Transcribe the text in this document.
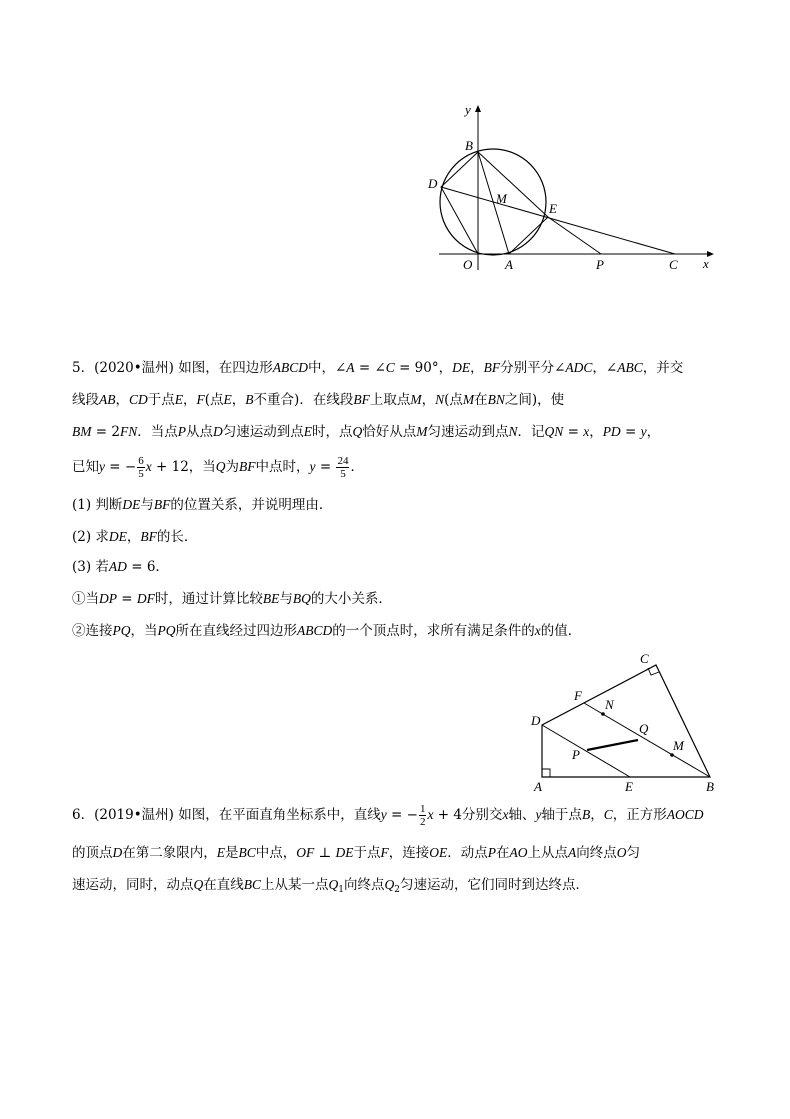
y
x
B
D
M
E
O	A	P	C
5．(2020•温州) 如图，在四边形ABCD中，∠A = ∠C = 90°，DE，BF分别平分∠ADC，∠ABC，并交
线段AB，CD于点E，F(点E，B不重合)．在线段BF上取点M，N(点M在BN之间)，使
BM = 2FN．当点P从点D匀速运动到点E时，点Q恰好从点M匀速运动到点N．记QN = x，PD = y，
已知y = − $\frac{6}{5}$ x + 12，当Q为BF中点时，$y = \frac{24}{5}$ ．
(1) 判断DE与BF的位置关系，并说明理由．
(2) 求DE，BF的长．
(3) 若AD = 6．
①当DP = DF时，通过计算比较BE与BQ的大小关系．
②连接PQ，当PQ所在直线经过四边形ABCD的一个顶点时，求所有满足条件的x的值．
C
F
N
D
Q
M
P
A	E	B
6．(2019•温州) 如图，在平面直角坐标系中，直线y = − $\frac{1}{2}$ x + 4分别交x轴、y轴于点B，C，正方形AOCD
的顶点D在第二象限内，E是BC中点，OF ⊥ DE于点F，连接OE．动点P在AO上从点A向终点O匀
速运动，同时，动点Q在直线BC上从某一点$Q_1$向终点$Q_2$匀速运动，它们同时到达终点．
